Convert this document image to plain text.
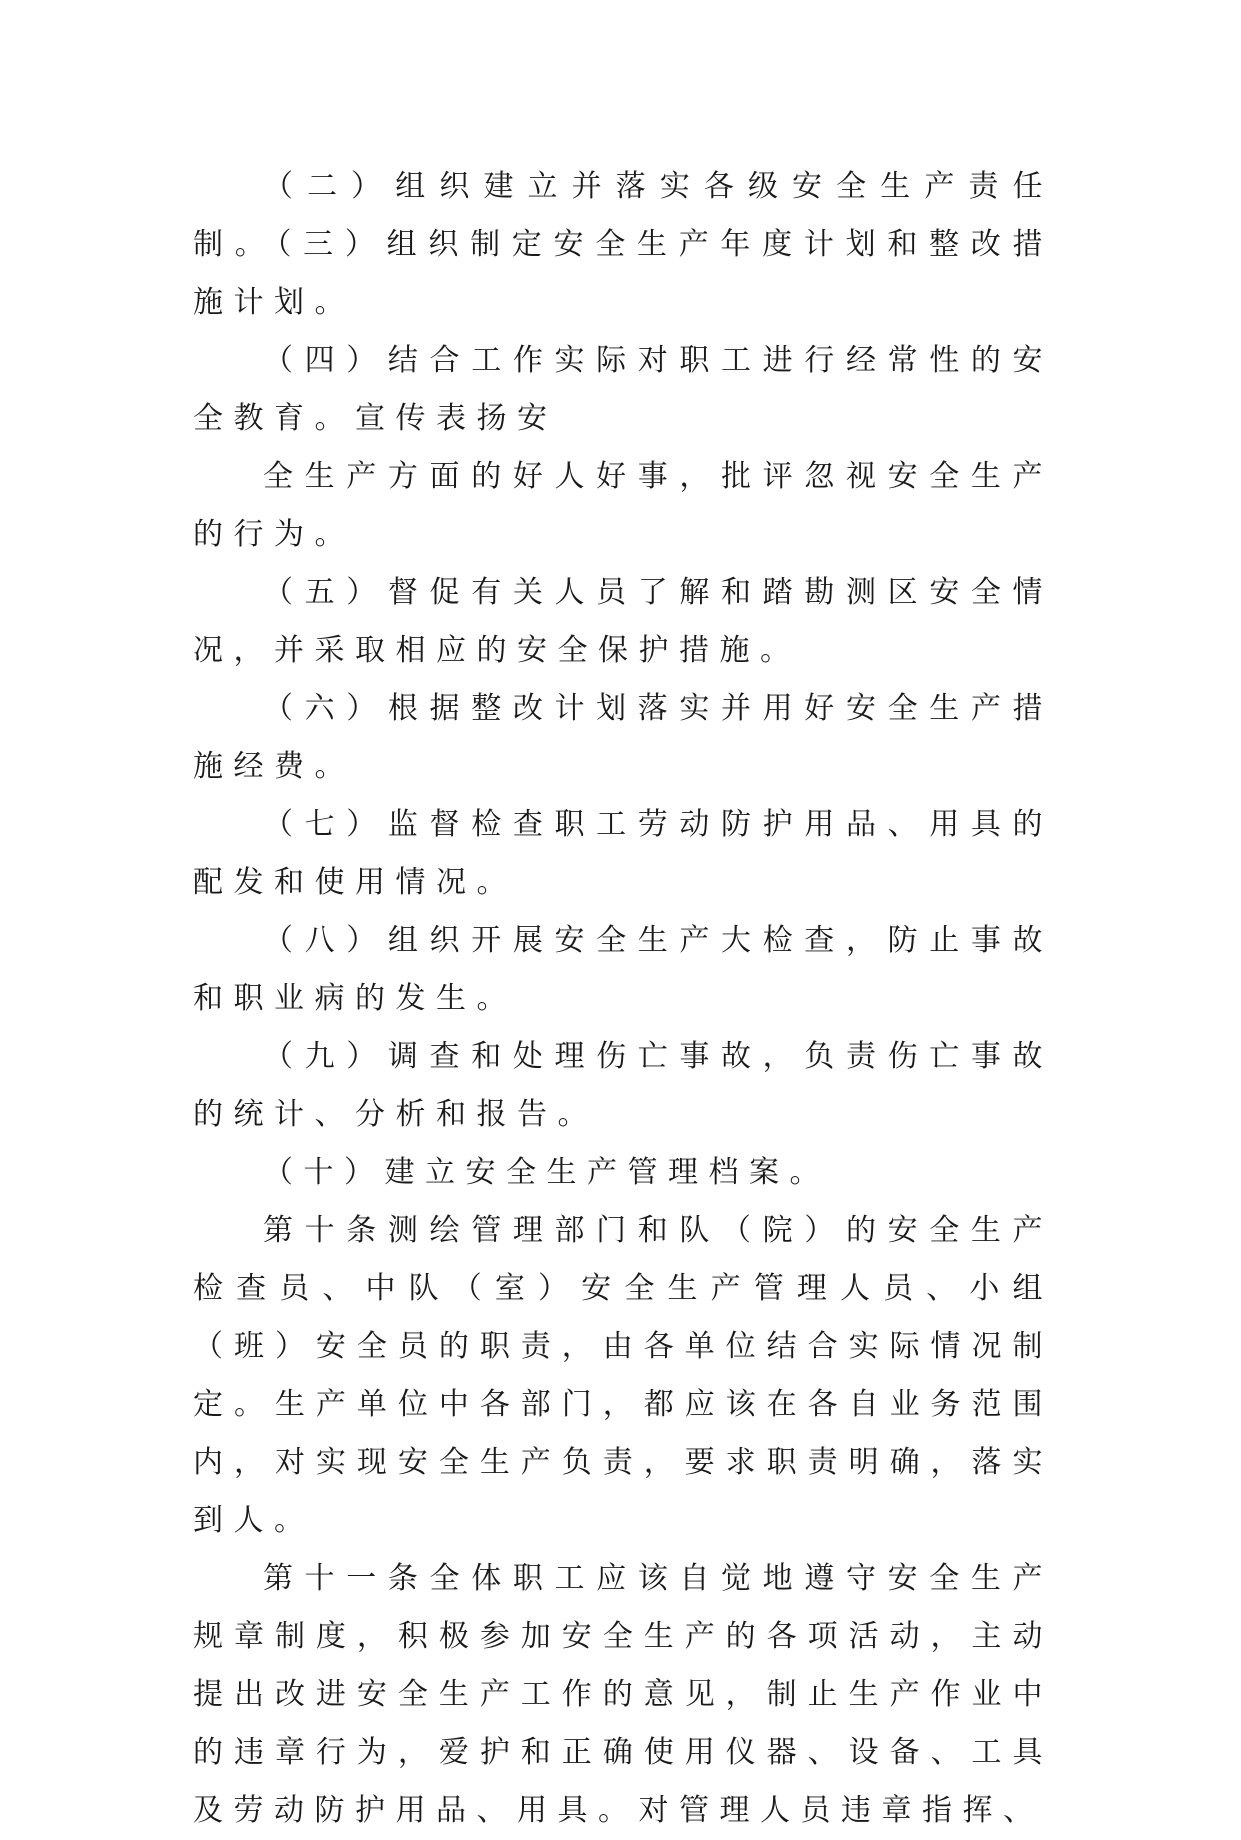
（二）组织建立并落实各级安全生产责任制。（三）组织制定安全生产年度计划和整改措施计划。

（四）结合工作实际对职工进行经常性的安全教育。宣传表扬安

全生产方面的好人好事，批评忽视安全生产的行为。

（五）督促有关人员了解和踏勘测区安全情况，并采取相应的安全保护措施。

（六）根据整改计划落实并用好安全生产措施经费。

（七）监督检查职工劳动防护用品、用具的配发和使用情况。

（八）组织开展安全生产大检查，防止事故和职业病的发生。

（九）调查和处理伤亡事故，负责伤亡事故的统计、分析和报告。

（十）建立安全生产管理档案。

第十条测绘管理部门和队（院）的安全生产检查员、中队（室）安全生产管理人员、小组（班）安全员的职责，由各单位结合实际情况制定。生产单位中各部门，都应该在各自业务范围内，对实现安全生产负责，要求职责明确，落实到人。

第十一条全体职工应该自觉地遵守安全生产规章制度，积极参加安全生产的各项活动，主动提出改进安全生产工作的意见，制止生产作业中的违章行为，爱护和正确使用仪器、设备、工具及劳动防护用品、用具。对管理人员违章指挥、
